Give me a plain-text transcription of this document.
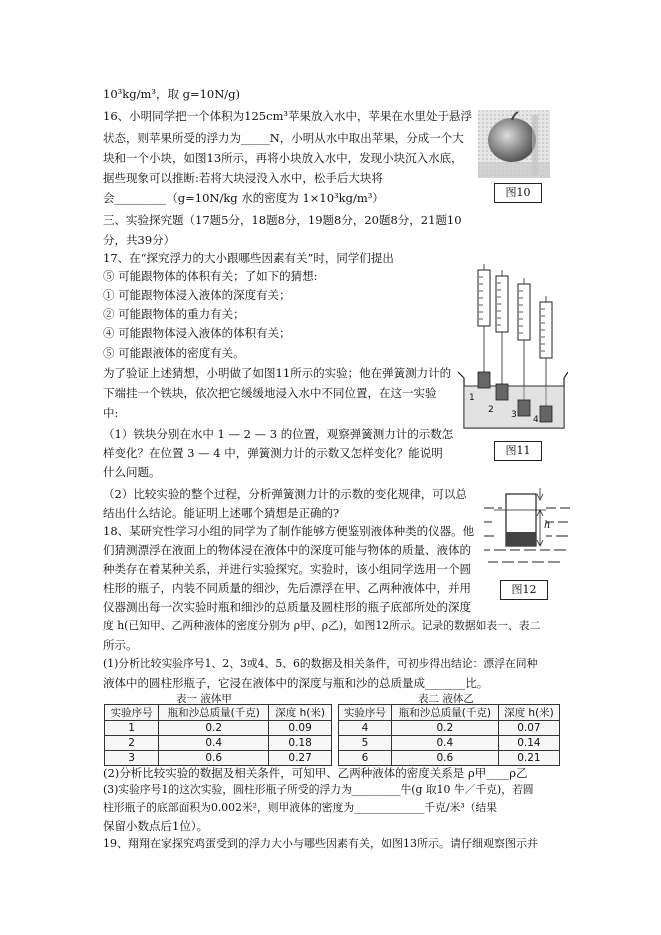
10³kg/m³，取 g=10N/g)
16、小明同学把一个体积为125cm³苹果放入水中，苹果在水里处于悬浮
状态，则苹果所受的浮力为_____N，小明从水中取出苹果，分成一个大
块和一个小块，如图13所示，再将小块放入水中，发现小块沉入水底，
据些现象可以推断:若将大块浸没入水中，松手后大块将
会_________（g=10N/kg 水的密度为 1×10³kg/m³）
三、实验探究题（17题5分，18题8分，19题8分，20题8分，21题10
分，共39分）
17、在“探究浮力的大小跟哪些因素有关”时，同学们提出
⑤ 可能跟物体的体积有关；了如下的猜想:
① 可能跟物体浸入液体的深度有关；
② 可能跟物体的重力有关；
④ 可能跟物体浸入液体的体积有关；
⑤ 可能跟液体的密度有关。
为了验证上述猜想，小明做了如图11所示的实验；他在弹簧测力计的
下端挂一个铁块，依次把它缓缓地浸入水中不同位置，在这一实验
中:
（1）铁块分别在水中 1 — 2 — 3 的位置，观察弹簧测力计的示数怎
样变化？在位置 3 — 4 中，弹簧测力计的示数又怎样变化？能说明
什么问题。
（2）比较实验的整个过程，分析弹簧测力计的示数的变化规律，可以总
结出什么结论。能证明上述哪个猜想是正确的?
18、某研究性学习小组的同学为了制作能够方便鉴别液体种类的仪器。他
们猜测漂浮在液面上的物体浸在液体中的深度可能与物体的质量、液体的
种类存在着某种关系，并进行实验探究。实验时，该小组同学选用一个圆
柱形的瓶子，内装不同质量的细沙，先后漂浮在甲、乙两种液体中，并用
仪器测出每一次实验时瓶和细沙的总质量及圆柱形的瓶子底部所处的深度
度 h(已知甲、乙两种液体的密度分别为 ρ甲、ρ乙)，如图12所示。记录的数据如表一、表二
所示。
(1)分析比较实验序号1、2、3或4、5、6的数据及相关条件，可初步得出结论：漂浮在同种
液体中的圆柱形瓶子，它浸在液体中的深度与瓶和沙的总质量成_______比。
(2)分析比较实验的数据及相关条件，可知甲、乙两种液体的密度关系是 ρ甲____ρ乙
(3)实验序号1的这次实验，圆柱形瓶子所受的浮力为_________牛(g 取10 牛／千克)，若圆
柱形瓶子的底部面积为0.002米²，则甲液体的密度为_____________千克/米³（结果
保留小数点后1位）。
19、翔翔在家探究鸡蛋受到的浮力大小与哪些因素有关，如图13所示。请仔细观察图示并
图10
1
2 3 4
图11
h
图12
表一 液体甲
实验序号	瓶和沙总质量(千克)	深度 h(米)
1	0.2	0.09
2	0.4	0.18
3	0.6	0.27
表二 液体乙
实验序号	瓶和沙总质量(千克)	深度 h(米)
4	0.2	0.07
5	0.4	0.14
6	0.6	0.21
